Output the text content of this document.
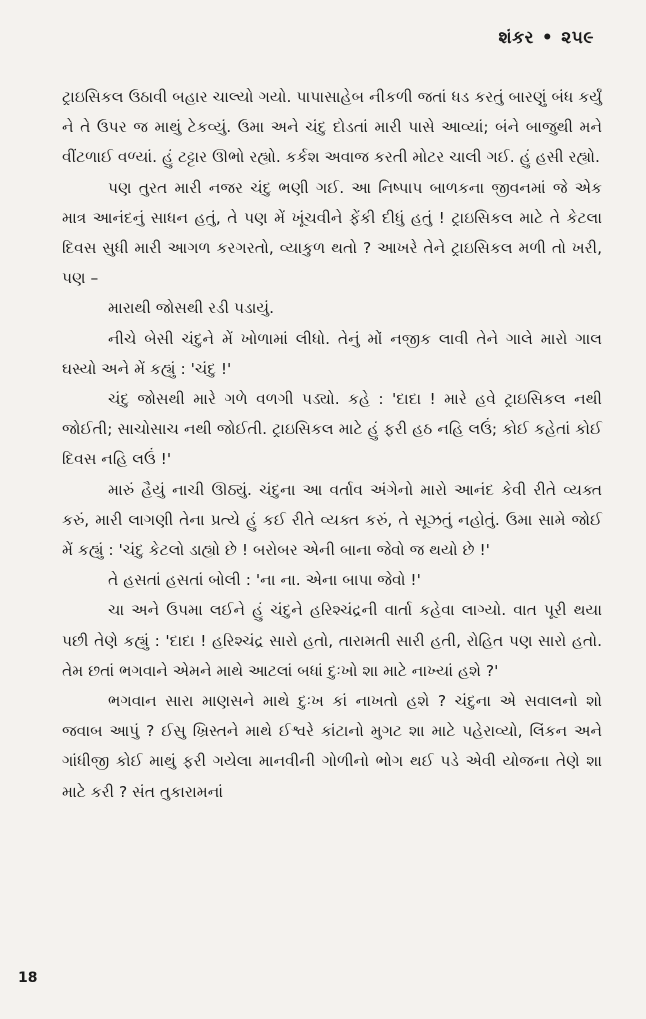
શંકર • ૨૫૯

ટ્રાઇસિકલ ઉઠાવી બહાર ચાલ્યો ગયો. પાપાસાહેબ નીકળી જતાં ધડ કરતું બારણું બંધ કર્યું ને તે ઉપર જ માથું ટેકવ્યું. ઉમા અને ચંદુ દોડતાં મારી પાસે આવ્યાં; બંને બાજુથી મને વીંટળાઈ વળ્યાં. હું ટટ્ટાર ઊભો રહ્યો. કર્કશ અવાજ કરતી મોટર ચાલી ગઈ. હું હસી રહ્યો.

પણ તુરત મારી નજર ચંદુ ભણી ગઈ. આ નિષ્પાપ બાળકના જીવનમાં જે એક માત્ર આનંદનું સાધન હતું, તે પણ મેં ખૂંચવીને ફેંકી દીધું હતું ! ટ્રાઇસિકલ માટે તે કેટલા દિવસ સુધી મારી આગળ કરગરતો, વ્યાકુળ થતો ? આખરે તેને ટ્રાઇસિકલ મળી તો ખરી, પણ –

મારાથી જોસથી રડી પડાયું.

નીચે બેસી ચંદુને મેં ખોળામાં લીધો. તેનું મોં નજીક લાવી તેને ગાલે મારો ગાલ ઘસ્યો અને મેં કહ્યું : 'ચંદુ !'

ચંદુ જોસથી મારે ગળે વળગી પડ્યો. કહે : 'દાદા ! મારે હવે ટ્રાઇસિકલ નથી જોઈતી; સાચોસાચ નથી જોઈતી. ટ્રાઇસિકલ માટે હું ફરી હઠ નહિ લઉં; કોઈ કહેતાં કોઈ દિવસ નહિ લઉં !'

મારું હૈયું નાચી ઊઠ્યું. ચંદુના આ વર્તાવ અંગેનો મારો આનંદ કેવી રીતે વ્યક્ત કરું, મારી લાગણી તેના પ્રત્યે હું કઈ રીતે વ્યક્ત કરું, તે સૂઝતું નહોતું. ઉમા સામે જોઈ મેં કહ્યું : 'ચંદુ કેટલો ડાહ્યો છે ! બરોબર એની બાના જેવો જ થયો છે !'

તે હસતાં હસતાં બોલી : 'ના ના. એના બાપા જેવો !'

ચા અને ઉપમા લઈને હું ચંદુને હરિશ્ચંદ્રની વાર્તા કહેવા લાગ્યો. વાત પૂરી થયા પછી તેણે કહ્યું : 'દાદા ! હરિશ્ચંદ્ર સારો હતો, તારામતી સારી હતી, રોહિત પણ સારો હતો. તેમ છતાં ભગવાને એમને માથે આટલાં બધાં દુઃખો શા માટે નાખ્યાં હશે ?'

ભગવાન સારા માણસને માથે દુઃખ કાં નાખતો હશે ? ચંદુના એ સવાલનો શો જવાબ આપું ? ઈસુ ખ્રિસ્તને માથે ઈશ્વરે કાંટાનો મુગટ શા માટે પહેરાવ્યો, લિંકન અને ગાંધીજી કોઈ માથું ફરી ગયેલા માનવીની ગોળીનો ભોગ થઈ પડે એવી યોજના તેણે શા માટે કરી ? સંત તુકારામનાં

18
